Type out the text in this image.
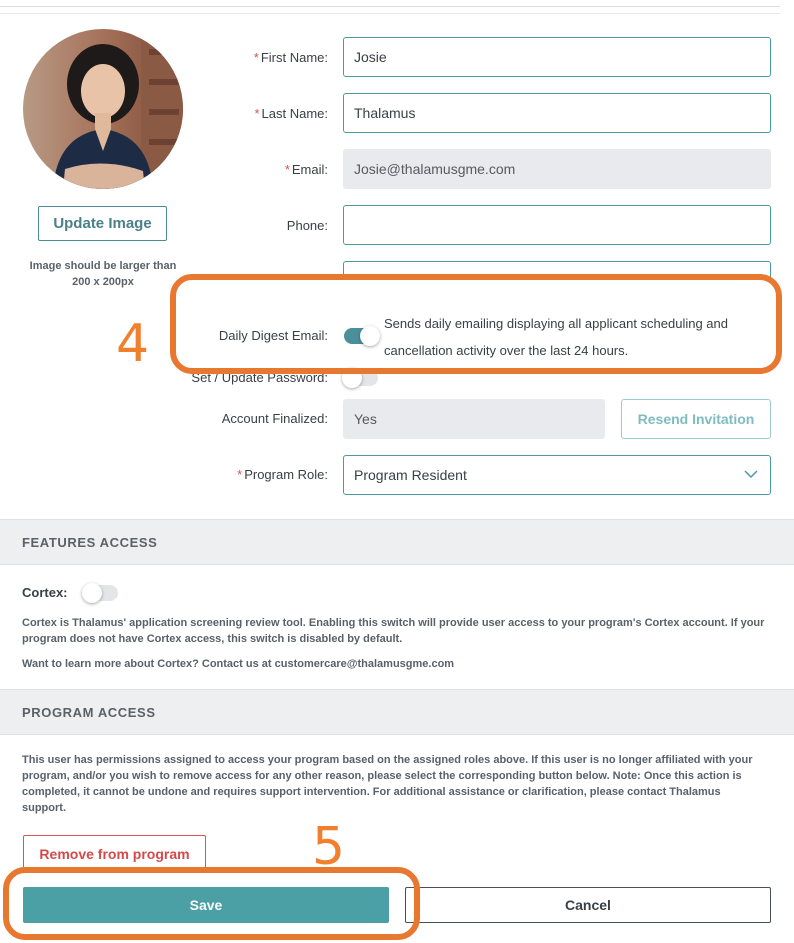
Update Image
Image should be larger than
200 x 200px
* First Name: Josie
* Last Name: Thalamus
* Email: Josie@thalamusgme.com
Phone:
Daily Digest Email:
Sends daily emailing displaying all applicant scheduling and
cancellation activity over the last 24 hours.
Set / Update Password:
Account Finalized: Yes	Resend Invitation
* Program Role: Program Resident
FEATURES ACCESS
Cortex:
Cortex is Thalamus' application screening review tool. Enabling this switch will provide user access to your program's Cortex account. If your
program does not have Cortex access, this switch is disabled by default.
Want to learn more about Cortex? Contact us at customercare@thalamusgme.com
PROGRAM ACCESS
This user has permissions assigned to access your program based on the assigned roles above. If this user is no longer affiliated with your
program, and/or you wish to remove access for any other reason, please select the corresponding button below. Note: Once this action is
completed, it cannot be undone and requires support intervention. For additional assistance or clarification, please contact Thalamus
support.
Remove from program
Save	Cancel
4
5
